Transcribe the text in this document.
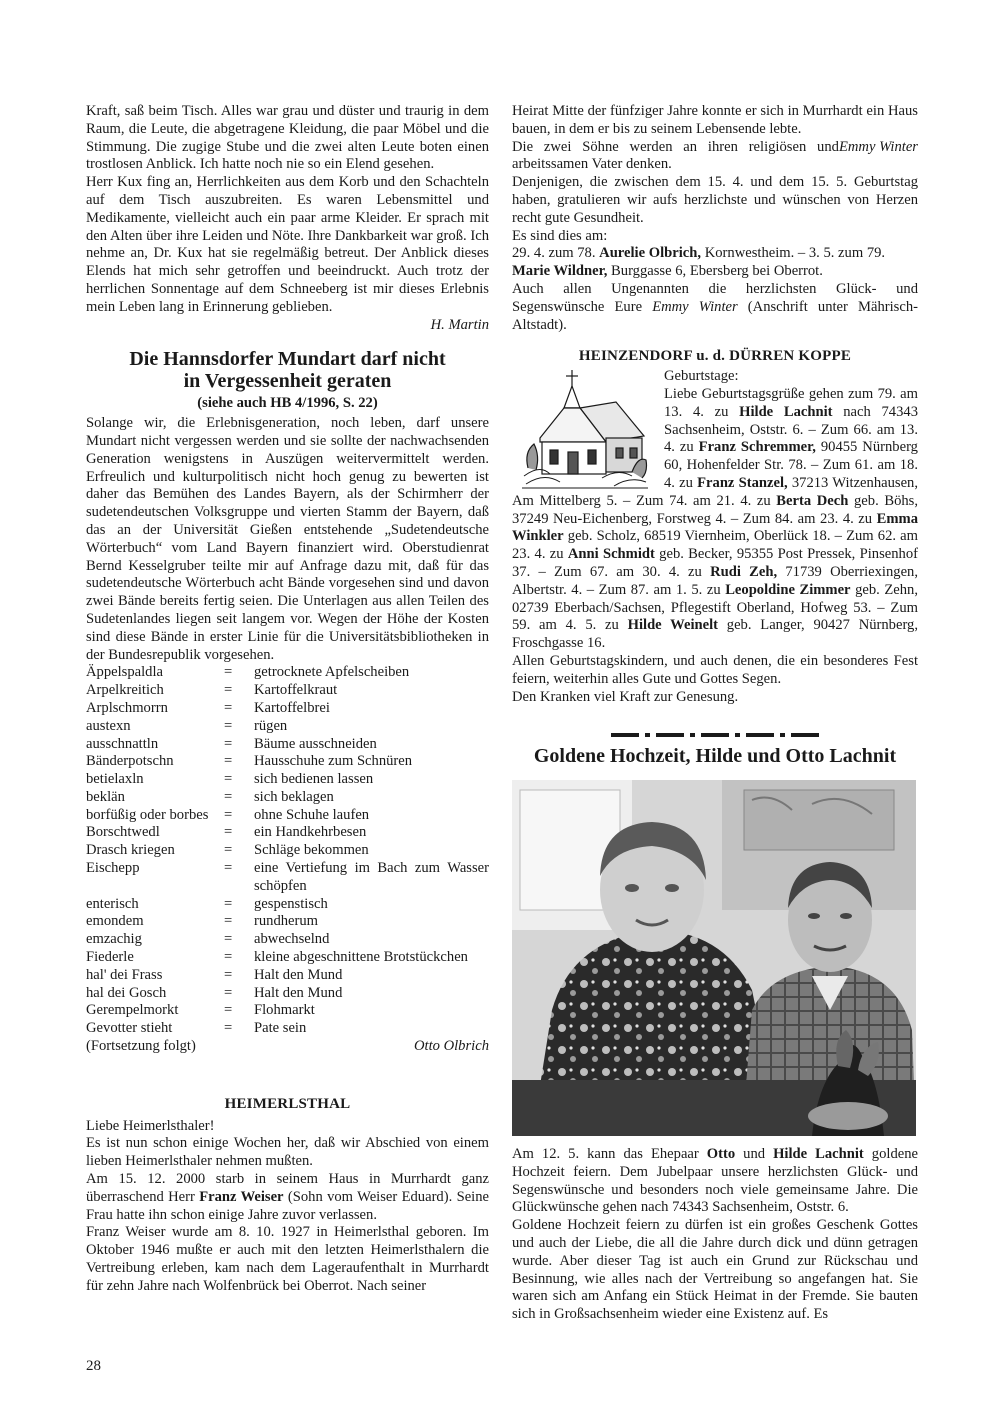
Kraft, saß beim Tisch. Alles war grau und düster und traurig in dem Raum, die Leute, die abgetragene Kleidung, die paar Möbel und die Stimmung. Die zugige Stube und die zwei alten Leute boten einen trostlosen Anblick. Ich hatte noch nie so ein Elend gesehen.

Herr Kux fing an, Herrlichkeiten aus dem Korb und den Schachteln auf dem Tisch auszubreiten. Es waren Lebensmittel und Medikamente, vielleicht auch ein paar arme Kleider. Er sprach mit den Alten über ihre Leiden und Nöte. Ihre Dankbarkeit war groß. Ich nehme an, Dr. Kux hat sie regelmäßig betreut. Der Anblick dieses Elends hat mich sehr getroffen und beeindruckt. Auch trotz der herrlichen Sonnentage auf dem Schneeberg ist mir dieses Erlebnis mein Leben lang in Erinnerung geblieben.

H. Martin

Die Hannsdorfer Mundart darf nicht
in Vergessenheit geraten
(siehe auch HB 4/1996, S. 22)

Solange wir, die Erlebnisgeneration, noch leben, darf unsere Mundart nicht vergessen werden und sie sollte der nachwachsenden Generation wenigstens in Auszügen weitervermittelt werden. Erfreulich und kulturpolitisch nicht hoch genug zu bewerten ist daher das Bemühen des Landes Bayern, als der Schirmherr der sudetendeutschen Volksgruppe und vierten Stamm der Bayern, daß das an der Universität Gießen entstehende „Sudetendeutsche Wörterbuch“ vom Land Bayern finanziert wird. Oberstudienrat Bernd Kesselgruber teilte mir auf Anfrage dazu mit, daß für das sudetendeutsche Wörterbuch acht Bände vorgesehen sind und davon zwei Bände bereits fertig seien. Die Unterlagen aus allen Teilen des Sudetenlandes liegen seit langem vor. Wegen der Höhe der Kosten sind diese Bände in erster Linie für die Universitätsbibliotheken in der Bundesrepublik vorgesehen.

Äppelspaldla	=	getrocknete Apfelscheiben
Arpelkreitich	=	Kartoffelkraut
Arplschmorrn	=	Kartoffelbrei
austexn	=	rügen
ausschnattln	=	Bäume ausschneiden
Bänderpotschn	=	Hausschuhe zum Schnüren
betielaxln	=	sich bedienen lassen
beklän	=	sich beklagen
borfüßig oder borbes	=	ohne Schuhe laufen
Borschtwedl	=	ein Handkehrbesen
Drasch kriegen	=	Schläge bekommen
Eischepp	=	eine Vertiefung im Bach zum Wasser schöpfen
enterisch	=	gespenstisch
emondem	=	rundherum
emzachig	=	abwechselnd
Fiederle	=	kleine abgeschnittene Brotstückchen
hal' dei Frass	=	Halt den Mund
hal dei Gosch	=	Halt den Mund
Gerempelmorkt	=	Flohmarkt
Gevotter stieht	=	Pate sein
Otto Olbrich
(Fortsetzung folgt)
HEIMERLSTHAL

Liebe Heimerlsthaler!

Es ist nun schon einige Wochen her, daß wir Abschied von einem lieben Heimerlsthaler nehmen mußten.

Am 15. 12. 2000 starb in seinem Haus in Murrhardt ganz überraschend Herr Franz Weiser (Sohn vom Weiser Eduard). Seine Frau hatte ihn schon einige Jahre zuvor verlassen.

Franz Weiser wurde am 8. 10. 1927 in Heimerlsthal geboren. Im Oktober 1946 mußte er auch mit den letzten Heimerlsthalern die Vertreibung erleben, kam nach dem Lageraufenthalt in Murrhardt für zehn Jahre nach Wolfenbrück bei Oberrot. Nach seiner

Heirat Mitte der fünfziger Jahre konnte er sich in Murrhardt ein Haus bauen, in dem er bis zu seinem Lebensende lebte.

Emmy Winter
Die zwei Söhne werden an ihren religiösen und arbeitssamen Vater denken.

Denjenigen, die zwischen dem 15. 4. und dem 15. 5. Geburtstag haben, gratulieren wir aufs herzlichste und wünschen von Herzen recht gute Gesundheit.

Es sind dies am:

29. 4. zum 78. Aurelie Olbrich, Kornwestheim. – 3. 5. zum 79.

Marie Wildner, Burggasse 6, Ebersberg bei Oberrot.

Auch allen Ungenannten die herzlichsten Glück- und Segenswünsche Eure Emmy Winter (Anschrift unter Mährisch-Altstadt).

HEINZENDORF u. d. DÜRREN KOPPE

Geburtstage:

Liebe Geburtstagsgrüße gehen zum 79. am 13. 4. zu Hilde Lachnit nach 74343 Sachsenheim, Oststr. 6. – Zum 66. am 13. 4. zu Franz Schremmer, 90455 Nürnberg 60, Hohenfelder Str. 78. – Zum 61. am 18. 4. zu Franz Stanzel, 37213 Witzenhausen, Am Mittelberg 5. – Zum 74. am 21. 4. zu Berta Dech geb. Böhs, 37249 Neu-Eichenberg, Forstweg 4. – Zum 84. am 23. 4. zu Emma Winkler geb. Scholz, 68519 Viernheim, Oberlück 18. – Zum 62. am 23. 4. zu Anni Schmidt geb. Becker, 95355 Post Pressek, Pinsenhof 37. – Zum 67. am 30. 4. zu Rudi Zeh, 71739 Oberriexingen, Albertstr. 4. – Zum 87. am 1. 5. zu Leopoldine Zimmer geb. Zehn, 02739 Eberbach/Sachsen, Pflegestift Oberland, Hofweg 53. – Zum 59. am 4. 5. zu Hilde Weinelt geb. Langer, 90427 Nürnberg, Froschgasse 16.

Allen Geburtstagskindern, und auch denen, die ein besonderes Fest feiern, weiterhin alles Gute und Gottes Segen.

Den Kranken viel Kraft zur Genesung.

Goldene Hochzeit, Hilde und Otto Lachnit

Am 12. 5. kann das Ehepaar Otto und Hilde Lachnit goldene Hochzeit feiern. Dem Jubelpaar unsere herzlichsten Glück- und Segenswünsche und besonders noch viele gemeinsame Jahre. Die Glückwünsche gehen nach 74343 Sachsenheim, Oststr. 6.

Goldene Hochzeit feiern zu dürfen ist ein großes Geschenk Gottes und auch der Liebe, die all die Jahre durch dick und dünn getragen wurde. Aber dieser Tag ist auch ein Grund zur Rückschau und Besinnung, wie alles nach der Vertreibung so angefangen hat. Sie waren sich am Anfang ein Stück Heimat in der Fremde. Sie bauten sich in Großsachsenheim wieder eine Existenz auf. Es

28
